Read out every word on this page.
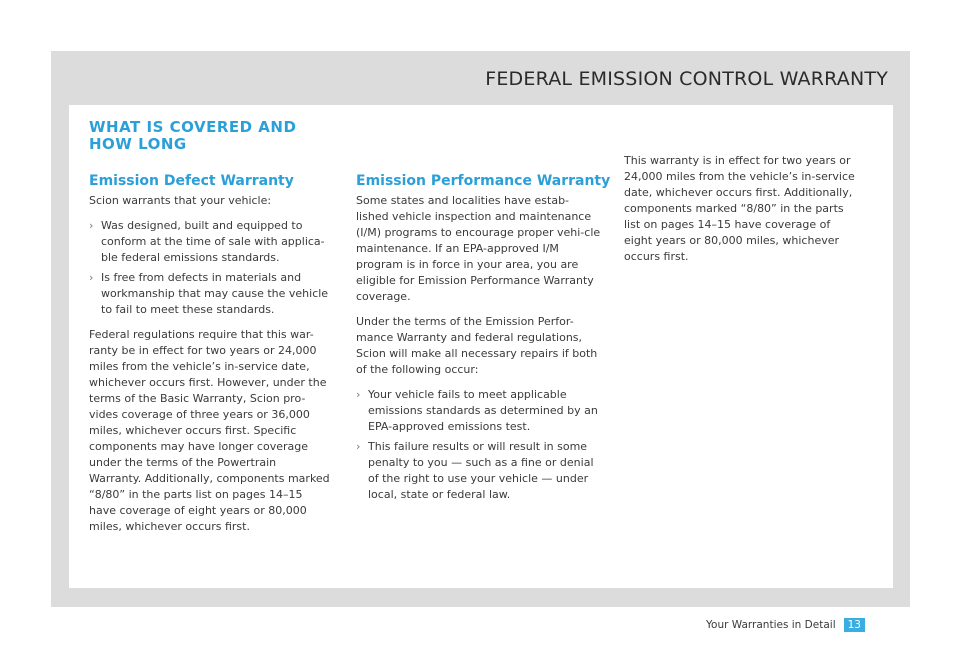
FEDERAL EMISSION CONTROL WARRANTY
WHAT IS COVERED AND
HOW LONG
Emission Defect Warranty

Scion warrants that your vehicle:

› Was designed, built and equipped to conform at the time of sale with applica-ble federal emissions standards.
› Is free from defects in materials and workmanship that may cause the vehicle to fail to meet these standards.

Federal regulations require that this war-ranty be in effect for two years or 24,000 miles from the vehicle’s in-service date, whichever occurs first. However, under the terms of the Basic Warranty, Scion pro-vides coverage of three years or 36,000 miles, whichever occurs first. Specific components may have longer coverage under the terms of the Powertrain Warranty. Additionally, components marked “8/80” in the parts list on pages 14–15 have coverage of eight years or 80,000 miles, whichever occurs first.

Emission Performance Warranty

Some states and localities have estab-lished vehicle inspection and maintenance (I/M) programs to encourage proper vehi-cle maintenance. If an EPA-approved I/M program is in force in your area, you are eligible for Emission Performance Warranty coverage.

Under the terms of the Emission Perfor-mance Warranty and federal regulations, Scion will make all necessary repairs if both of the following occur:

› Your vehicle fails to meet applicable emissions standards as determined by an EPA-approved emissions test.
› This failure results or will result in some penalty to you — such as a fine or denial of the right to use your vehicle — under local, state or federal law.

This warranty is in effect for two years or 24,000 miles from the vehicle’s in-service date, whichever occurs first. Additionally, components marked “8/80” in the parts list on pages 14–15 have coverage of eight years or 80,000 miles, whichever occurs first.

Your Warranties in Detail	13
